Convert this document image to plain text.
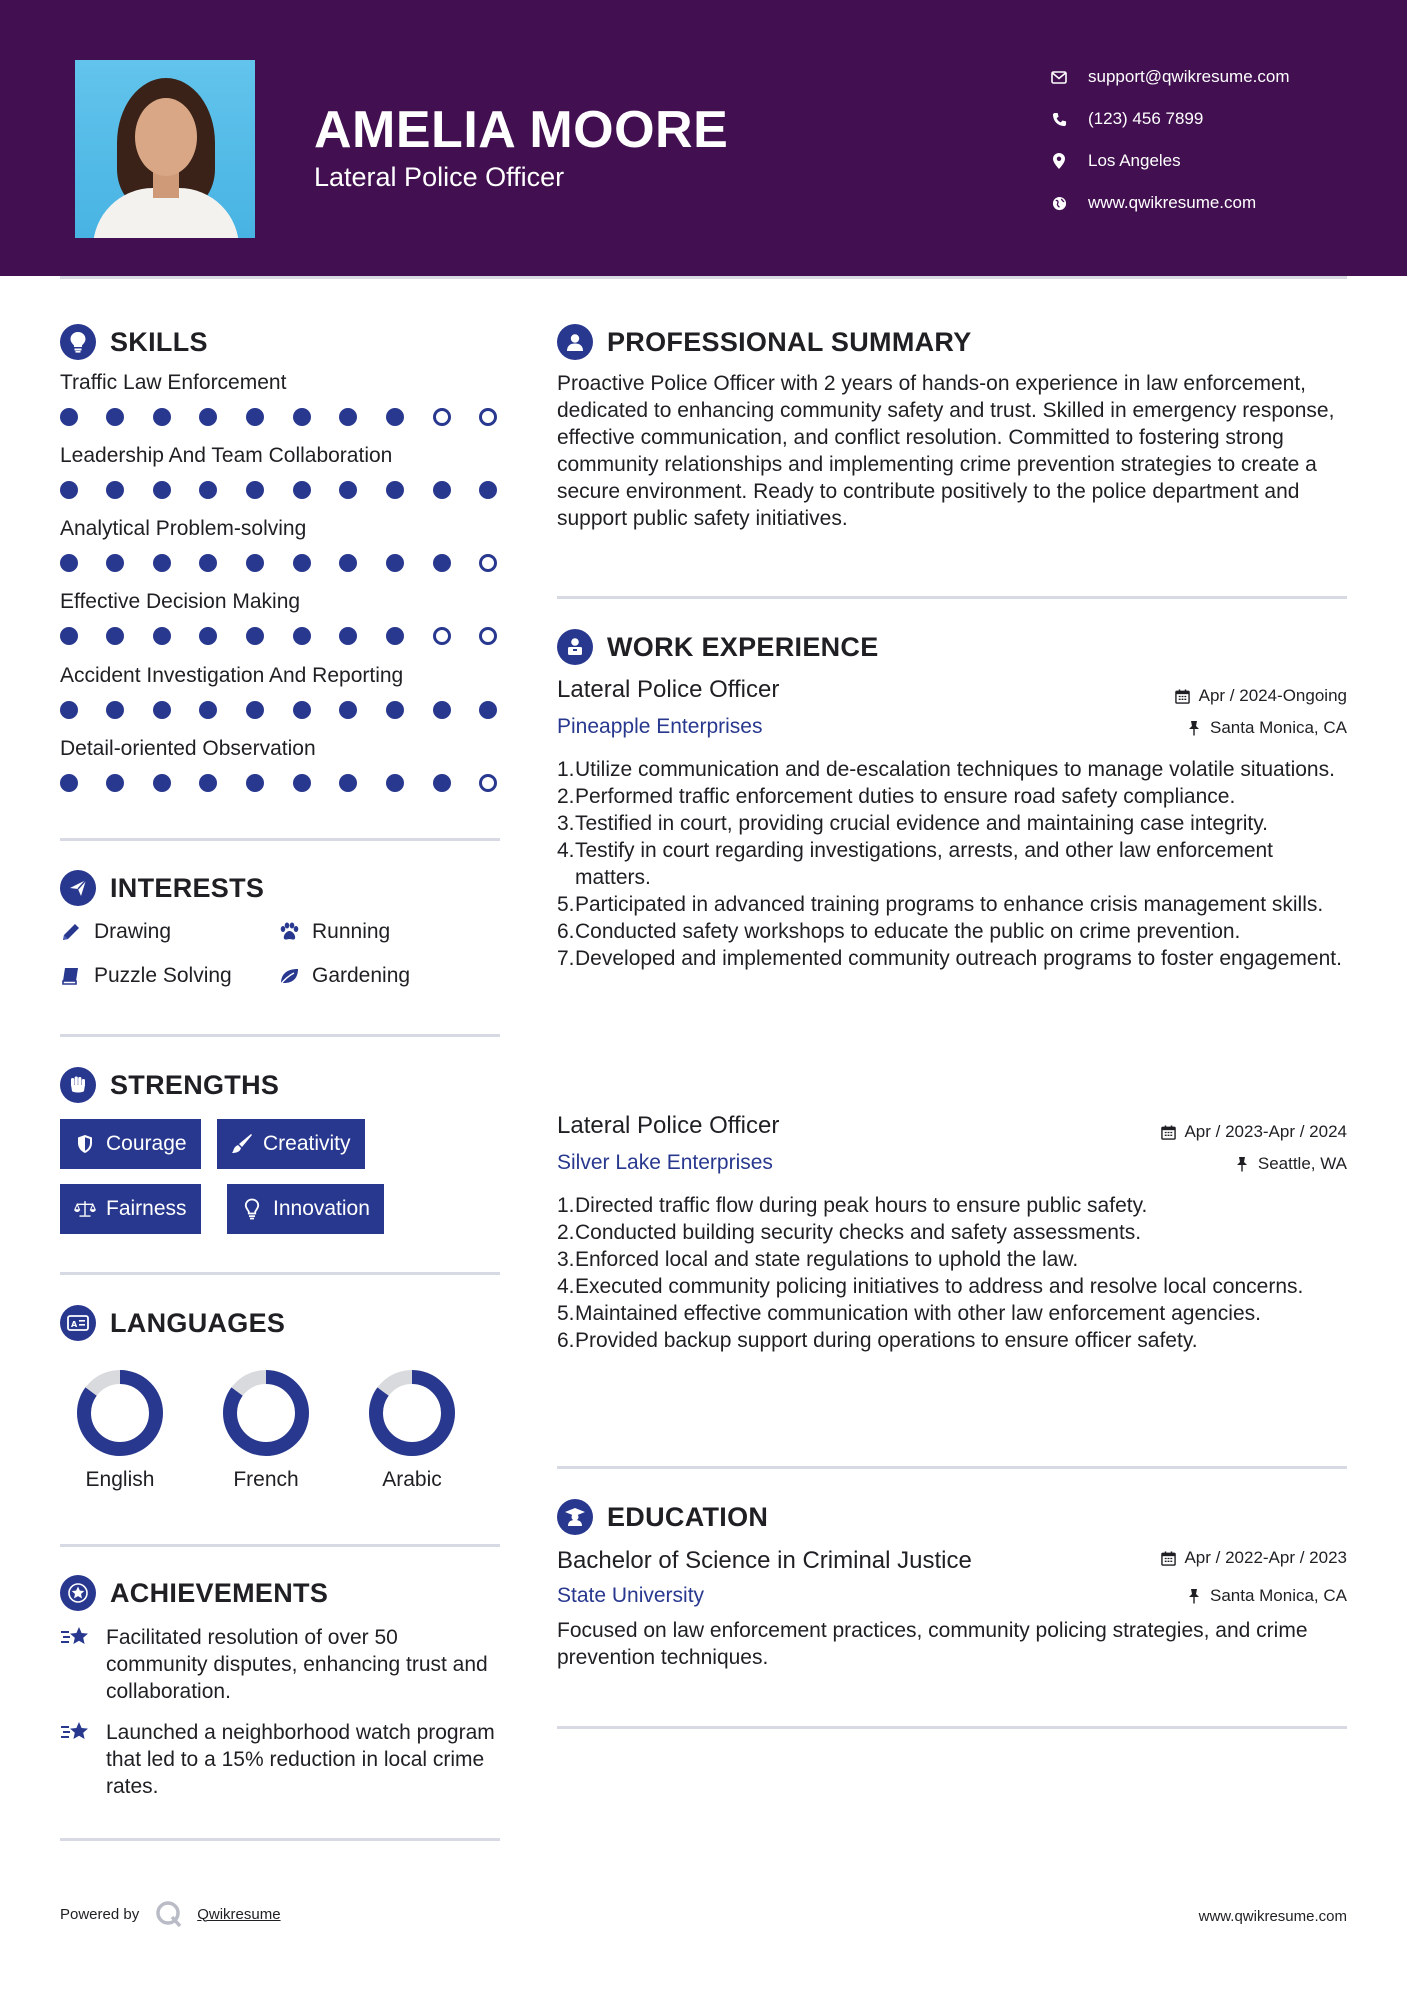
AMELIA MOORE
Lateral Police Officer
support@qwikresume.com
(123) 456 7899
Los Angeles
www.qwikresume.com
SKILLS
Traffic Law Enforcement
Leadership And Team Collaboration
Analytical Problem-solving
Effective Decision Making
Accident Investigation And Reporting
Detail-oriented Observation
INTERESTS
Drawing	Running
Puzzle Solving	Gardening
STRENGTHS
Courage	Creativity
Fairness	Innovation
A LANGUAGES
English	French	Arabic
ACHIEVEMENTS
Facilitated resolution of over 50 community disputes, enhancing trust and collaboration.
Launched a neighborhood watch program that led to a 15% reduction in local crime rates.
PROFESSIONAL SUMMARY
Proactive Police Officer with 2 years of hands-on experience in law enforcement, dedicated to enhancing community safety and trust. Skilled in emergency response, effective communication, and conflict resolution. Committed to fostering strong community relationships and implementing crime prevention strategies to create a secure environment. Ready to contribute positively to the police department and support public safety initiatives.
WORK EXPERIENCE
Lateral Police Officer	Apr / 2024-Ongoing
Pineapple Enterprises	Santa Monica, CA
1. Utilize communication and de-escalation techniques to manage volatile situations.
2. Performed traffic enforcement duties to ensure road safety compliance.
3. Testified in court, providing crucial evidence and maintaining case integrity.
4. Testify in court regarding investigations, arrests, and other law enforcement matters.
5. Participated in advanced training programs to enhance crisis management skills.
6. Conducted safety workshops to educate the public on crime prevention.
7. Developed and implemented community outreach programs to foster engagement.
Lateral Police Officer	Apr / 2023-Apr / 2024
Silver Lake Enterprises	Seattle, WA
1. Directed traffic flow during peak hours to ensure public safety.
2. Conducted building security checks and safety assessments.
3. Enforced local and state regulations to uphold the law.
4. Executed community policing initiatives to address and resolve local concerns.
5. Maintained effective communication with other law enforcement agencies.
6. Provided backup support during operations to ensure officer safety.
EDUCATION
Bachelor of Science in Criminal Justice	Apr / 2022-Apr / 2023
State University	Santa Monica, CA
Focused on law enforcement practices, community policing strategies, and crime prevention techniques.
Powered by	Qwikresume	www.qwikresume.com
